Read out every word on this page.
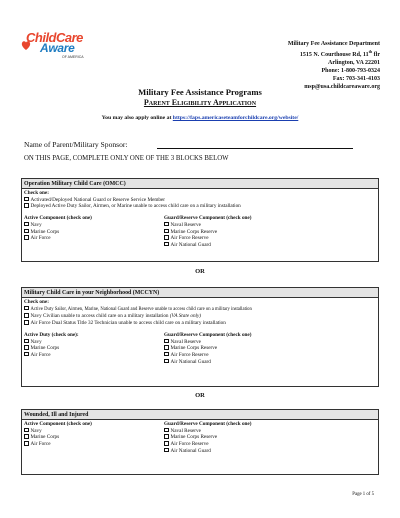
ChildCare
Aware
OF AMERICA
Military Fee Assistance Department
1515 N. Courthouse Rd, 11th flr
Arlington, VA 22201
Phone: 1-800-793-0324
Fax: 703-341-4103
msp@usa.childcareaware.org
Military Fee Assistance Programs
Parent Eligibility Application
You may also apply online at https://faps.americaseteamforchildcare.org/website/
Name of Parent/Military Sponsor:
ON THIS PAGE, COMPLETE ONLY ONE OF THE 3 BLOCKS BELOW
Operation Military Child Care (OMCC)
Check one:
Activated/Deployed National Guard or Reserve Service Member
Deployed Active Duty Sailor, Airmen, or Marine unable to access child care on a military installation
Active Component (check one)
Navy
Marine Corps
Air Force
Guard/Reserve Component (check one)
Naval Reserve
Marine Corps Reserve
Air Force Reserve
Air National Guard
OR
Military Child Care in your Neighborhood (MCCYN)
Check one:
Active Duty Sailor, Airmen, Marine, National Guard and Reserve unable to access child care on a military installation
Navy Civilian unable to access child care on a military installation (VA State only)
Air Force Dual Status Title 32 Technician unable to access child care on a military installation
Active Duty (check one):
Navy
Marine Corps
Air Force
Guard/Reserve Component (check one)
Naval Reserve
Marine Corps Reserve
Air Force Reserve
Air National Guard
OR
Wounded, Ill and Injured
Active Component (check one)
Navy
Marine Corps
Air Force
Guard/Reserve Component (check one)
Naval Reserve
Marine Corps Reserve
Air Force Reserve
Air National Guard
Page 1 of 5
